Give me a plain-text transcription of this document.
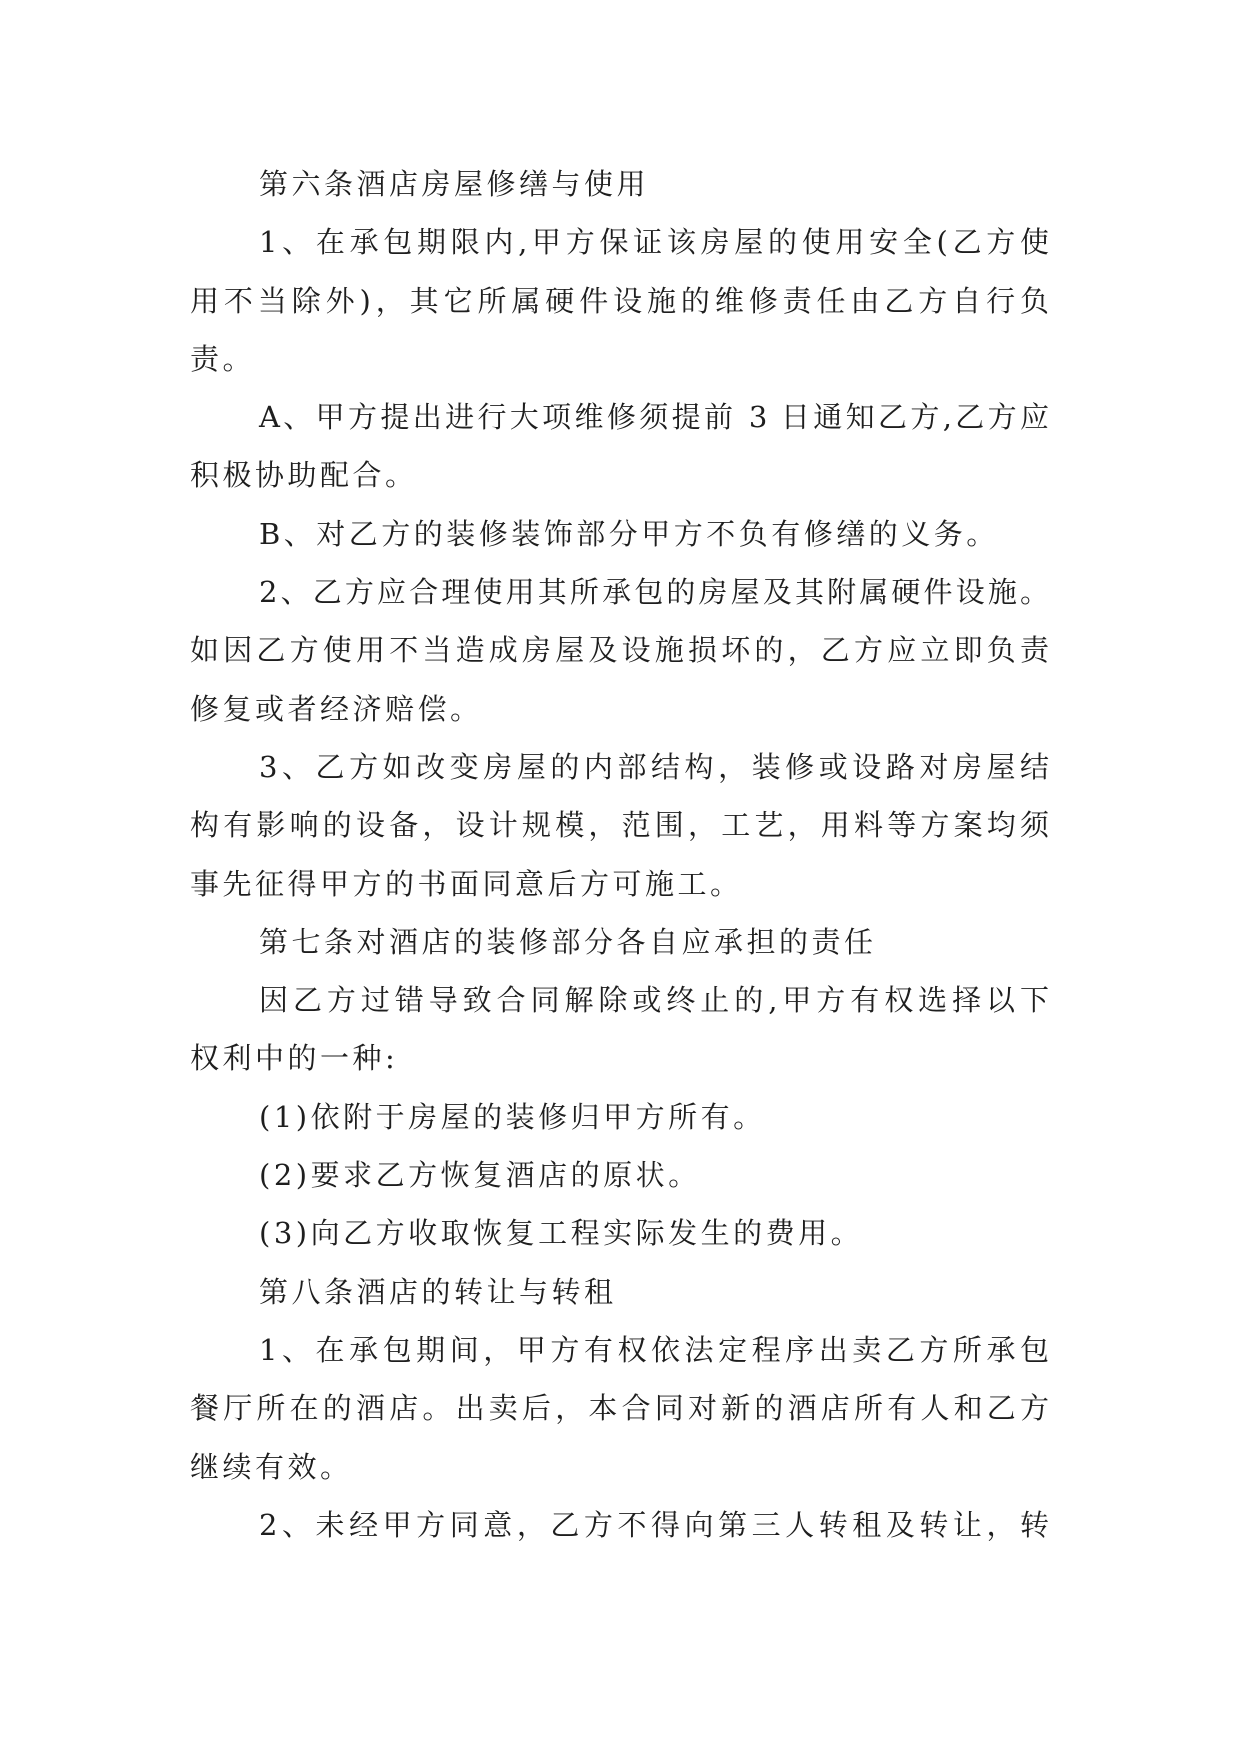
第六条酒店房屋修缮与使用
1、在承包期限内,甲方保证该房屋的使用安全(乙方使
用不当除外)，其它所属硬件设施的维修责任由乙方自行负
责。
A、甲方提出进行大项维修须提前 3 日通知乙方,乙方应
积极协助配合。
B、对乙方的装修装饰部分甲方不负有修缮的义务。
2、乙方应合理使用其所承包的房屋及其附属硬件设施。
如因乙方使用不当造成房屋及设施损坏的，乙方应立即负责
修复或者经济赔偿。
3、乙方如改变房屋的内部结构，装修或设路对房屋结
构有影响的设备，设计规模，范围，工艺，用料等方案均须
事先征得甲方的书面同意后方可施工。
第七条对酒店的装修部分各自应承担的责任
因乙方过错导致合同解除或终止的,甲方有权选择以下
权利中的一种:
(1)依附于房屋的装修归甲方所有。
(2)要求乙方恢复酒店的原状。
(3)向乙方收取恢复工程实际发生的费用。
第八条酒店的转让与转租
1、在承包期间，甲方有权依法定程序出卖乙方所承包
餐厅所在的酒店。出卖后，本合同对新的酒店所有人和乙方
继续有效。
2、未经甲方同意，乙方不得向第三人转租及转让，转
